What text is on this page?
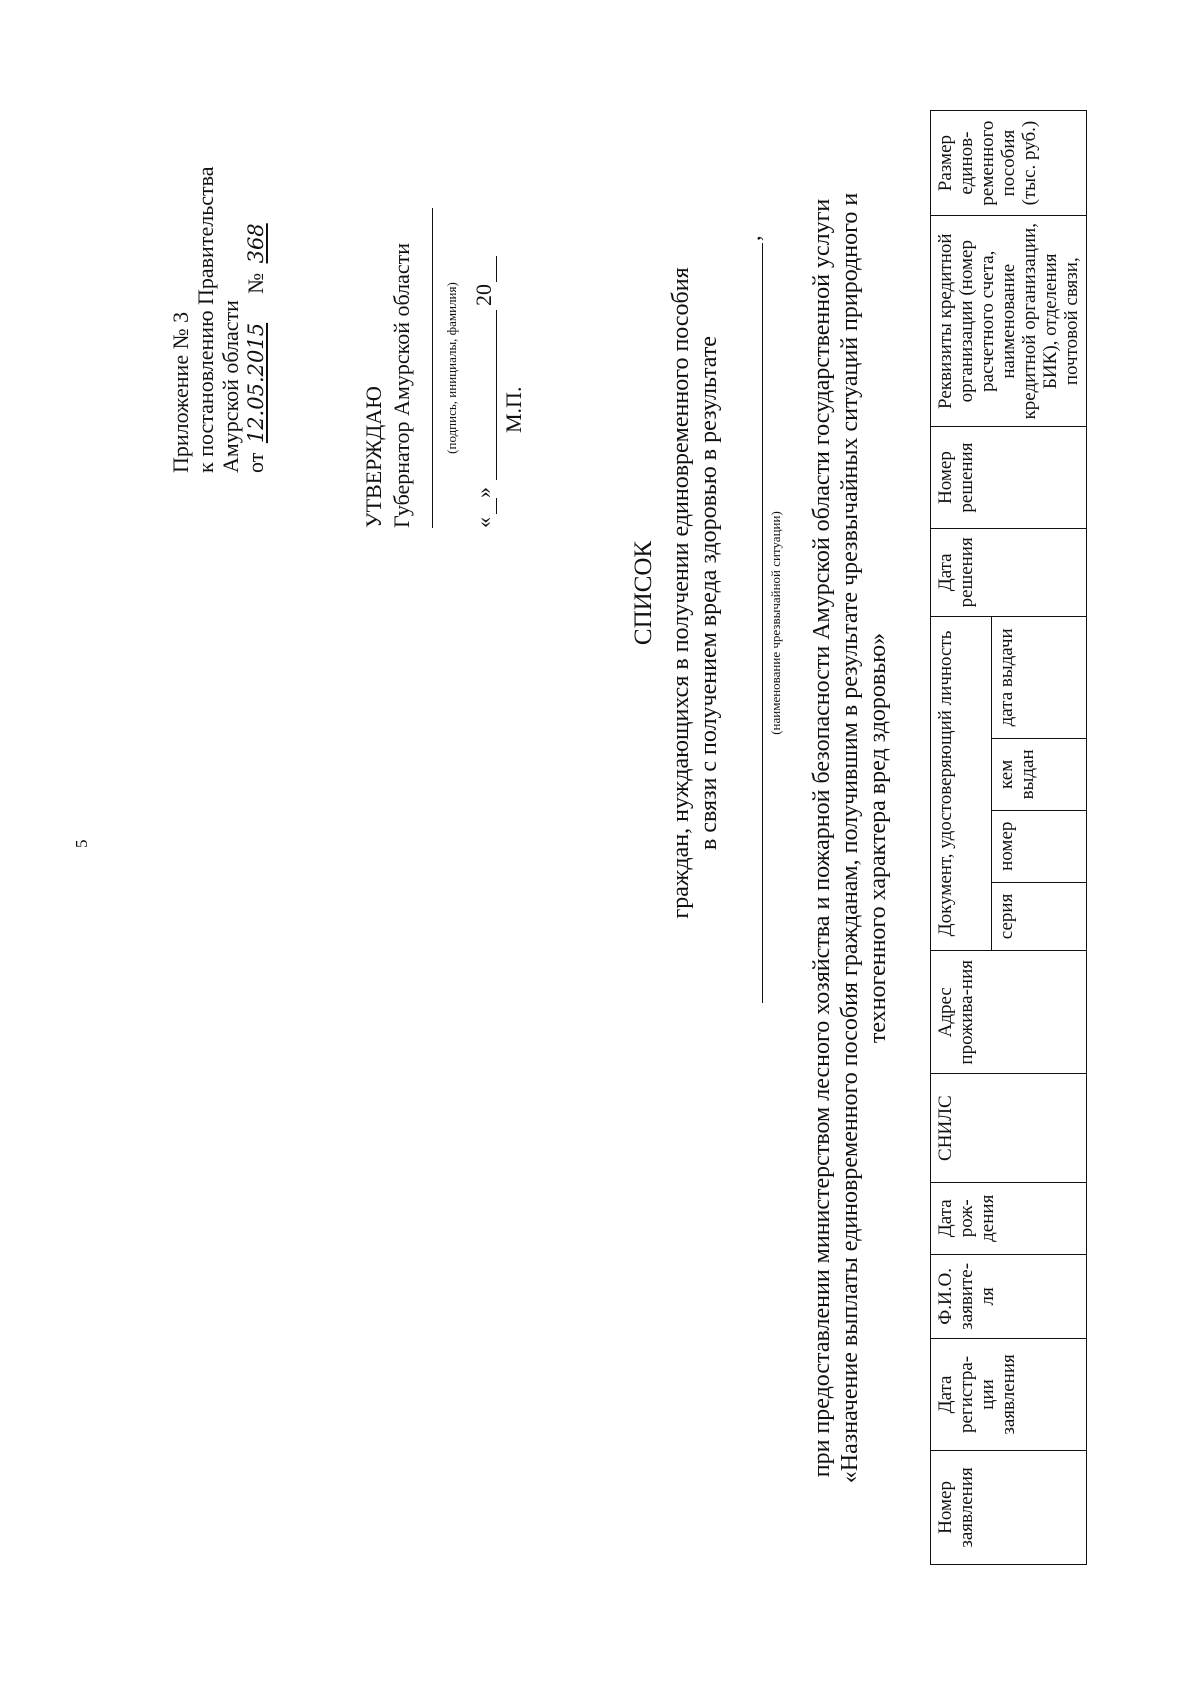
5
Приложение № 3 к постановлению Правительства Амурской области от 12.05.2015  № 368
УТВЕРЖДАЮ Губернатор Амурской области	(подпись, инициалы, фамилия)
«
»
20
М.П.
СПИСОК граждан, нуждающихся в получении единовременного пособия в связи с получением вреда здоровью в результате
,
(наименование чрезвычайной ситуации) при предоставлении министерством лесного хозяйства и пожарной безопасности Амурской области государственной услуги «Назначение выплаты единовременного пособия гражданам, получившим в результате чрезвычайных ситуаций природного и техногенного характера вред здоровью»
Номер заявления	Дата регистра-ции заявления	Ф.И.О. заявите-ля	Дата рож-дения	СНИЛС	Адрес прожива-ния	Документ, удостоверяющий личность				Дата решения	Номер решения	Реквизиты кредитной организации (номер расчетного счета, наименование кредитной организации, БИК), отделения почтовой связи,	Размер единов-ременного пособия (тыс. руб.)
						серия	номер	кем выдан	дата выдачи				
